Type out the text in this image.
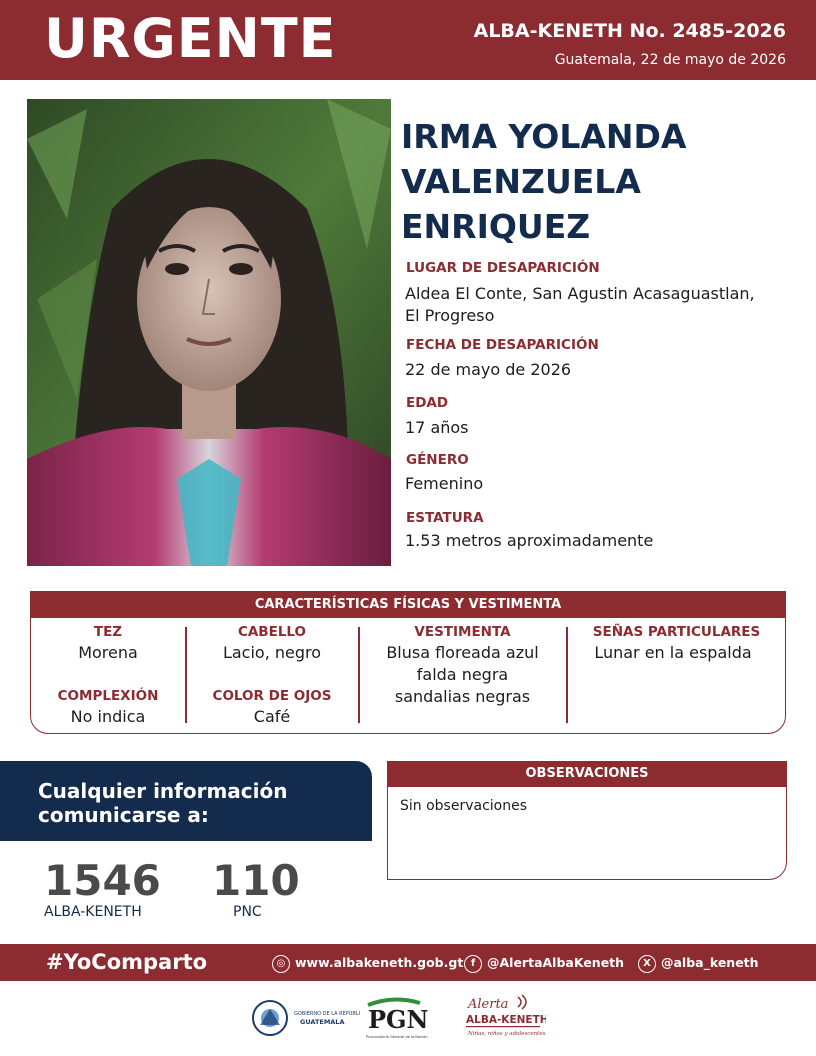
URGENTE	ALBA-KENETH No. 2485-2026
Guatemala, 22 de mayo de 2026
IRMA YOLANDA
VALENZUELA
ENRIQUEZ
LUGAR DE DESAPARICIÓN
Aldea El Conte, San Agustin Acasaguastlan,
El Progreso
FECHA DE DESAPARICIÓN
22 de mayo de 2026
EDAD
17 años
GÉNERO
Femenino
ESTATURA
1.53 metros aproximadamente
CARACTERÍSTICAS FÍSICAS Y VESTIMENTA
TEZ
Morena
COMPLEXIÓN
No indica
CABELLO
Lacio, negro
COLOR DE OJOS
Café
VESTIMENTA
Blusa floreada azul
falda negra
sandalias negras
SEÑAS PARTICULARES
Lunar en la espalda
Cualquier información
comunicarse a:
1546
ALBA-KENETH
110
PNC
OBSERVACIONES
Sin observaciones
#YoComparto	◎ www.albakeneth.gob.gt f @AlertaAlbaKeneth	X @alba_keneth
GOBIERNO DE LA REPÚBLICA
GUATEMALA PGN
Procuraduría General de la Nación
Alerta
ALBA-KENETH
Niñas, niños y adolescentes
